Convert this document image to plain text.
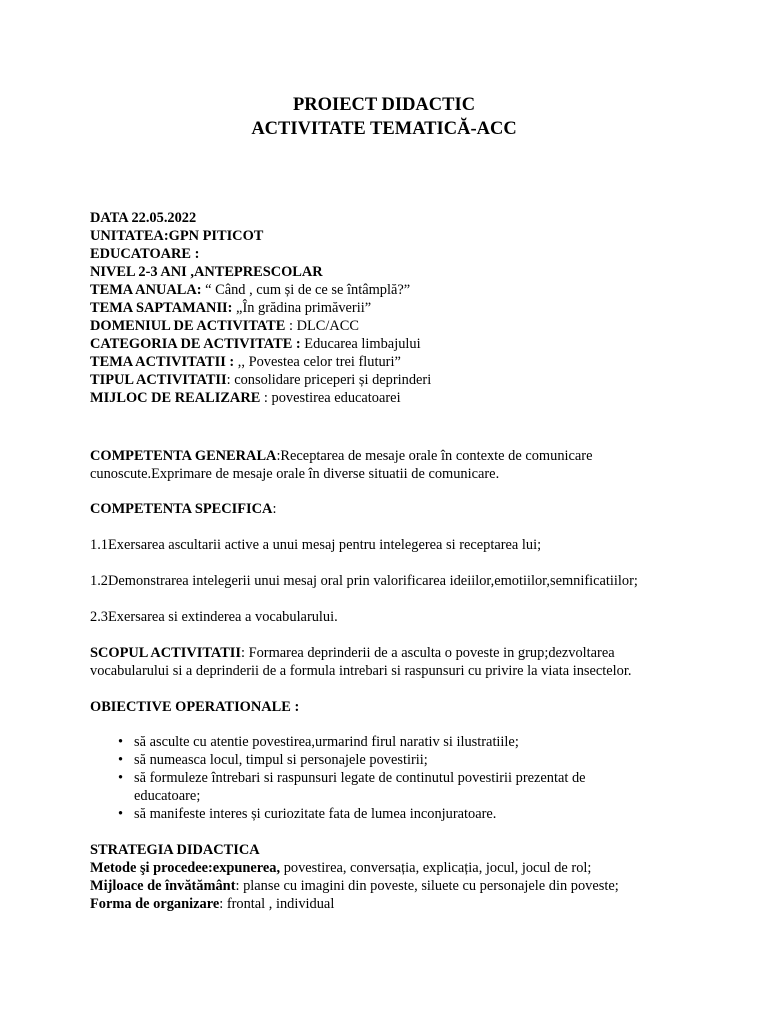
PROIECT DIDACTIC
ACTIVITATE TEMATICĂ-ACC
DATA 22.05.2022
UNITATEA:GPN PITICOT
EDUCATOARE :
NIVEL 2-3 ANI ,ANTEPRESCOLAR
TEMA ANUALA: “ Când , cum și de ce se întâmplă?”
TEMA SAPTAMANII: „În grădina primăverii”
DOMENIUL DE ACTIVITATE : DLC/ACC
CATEGORIA DE ACTIVITATE : Educarea limbajului
TEMA ACTIVITATII : ,, Povestea celor trei fluturi”
TIPUL ACTIVITATII: consolidare priceperi și deprinderi
MIJLOC DE REALIZARE : povestirea educatoarei
COMPETENTA GENERALA:Receptarea de mesaje orale în contexte de comunicare
cunoscute.Exprimare de mesaje orale în diverse situatii de comunicare.
COMPETENTA SPECIFICA:
1.1Exersarea ascultarii active a unui mesaj pentru intelegerea si receptarea lui;
1.2Demonstrarea intelegerii unui mesaj oral prin valorificarea ideiilor,emotiilor,semnificatiilor;
2.3Exersarea si extinderea a vocabularului.
SCOPUL ACTIVITATII: Formarea deprinderii de a asculta o poveste in grup;dezvoltarea
vocabularului si a deprinderii de a formula intrebari si raspunsuri cu privire la viata insectelor.
OBIECTIVE OPERATIONALE :
• să asculte cu atentie povestirea,urmarind firul narativ si ilustratiile;
• să numeasca locul, timpul si personajele povestirii;
• să formuleze întrebari si raspunsuri legate de continutul povestirii prezentat de educatoare;
• să manifeste interes și curiozitate fata de lumea inconjuratoare.
STRATEGIA DIDACTICA
Metode şi procedee:expunerea, povestirea, conversația, explicația, jocul, jocul de rol;
Mijloace de învătământ: planse cu imagini din poveste, siluete cu personajele din poveste;
Forma de organizare: frontal , individual
